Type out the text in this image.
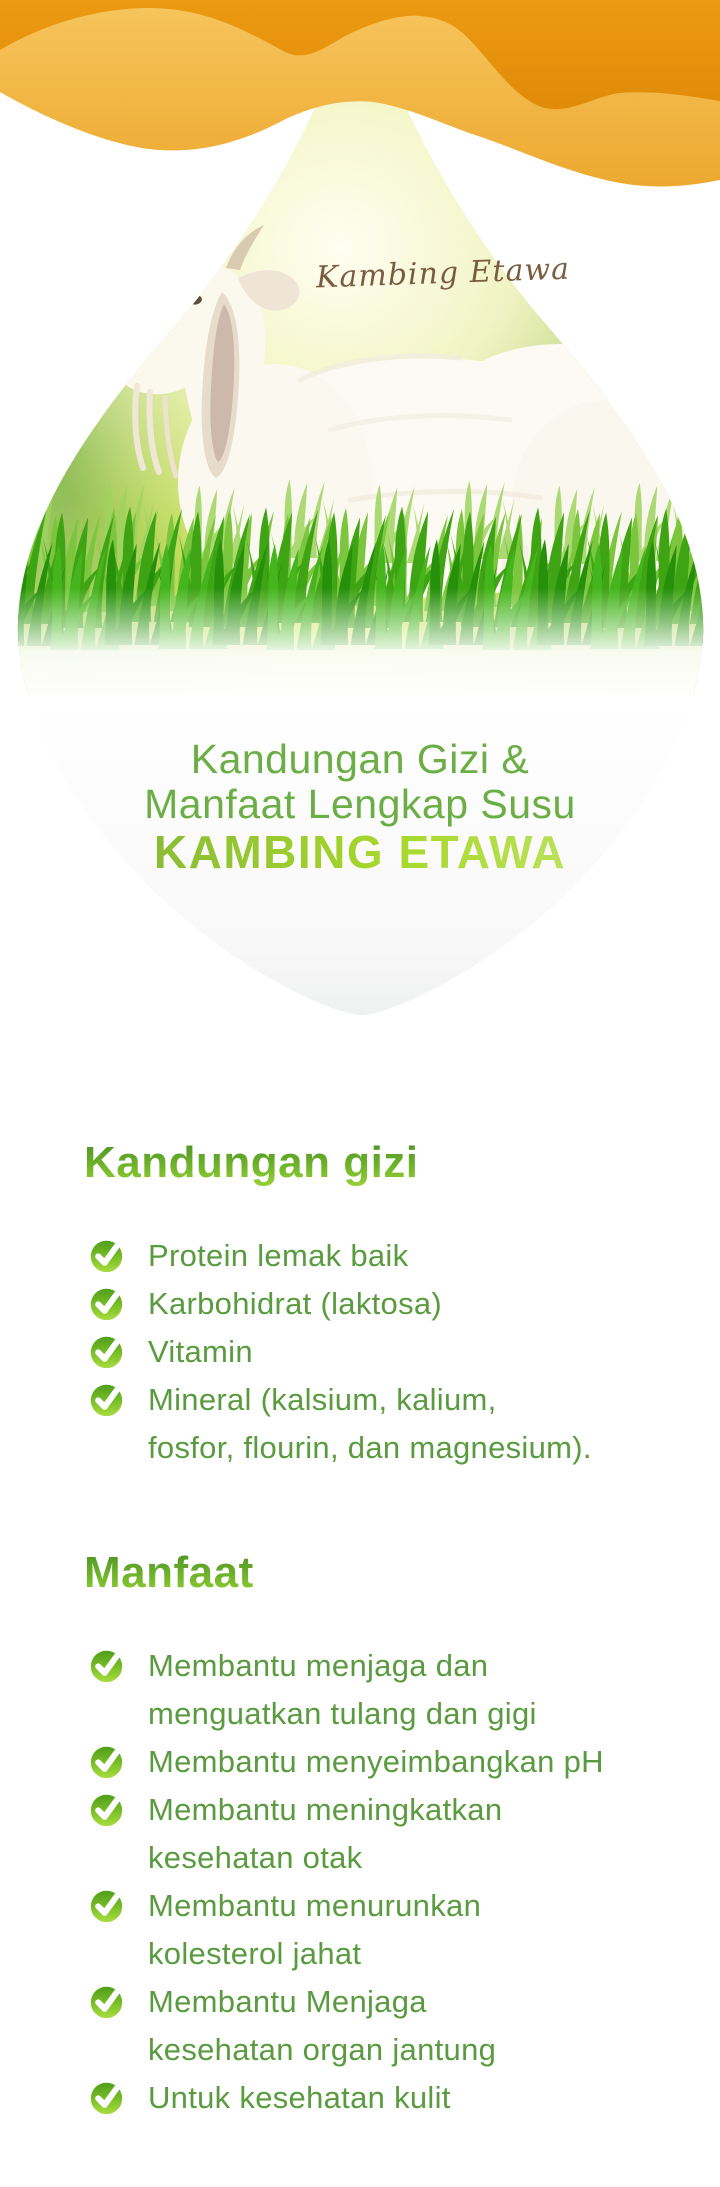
Kambing Etawa
Kandungan Gizi &
Manfaat Lengkap Susu
KAMBING ETAWA
Kandungan gizi
Protein lemak baik
Karbohidrat (laktosa)
Vitamin
Mineral (kalsium, kalium,
fosfor, flourin, dan magnesium).
Manfaat
Membantu menjaga dan
menguatkan tulang dan gigi
Membantu menyeimbangkan pH
Membantu meningkatkan
kesehatan otak
Membantu menurunkan
kolesterol jahat
Membantu Menjaga
kesehatan organ jantung
Untuk kesehatan kulit
